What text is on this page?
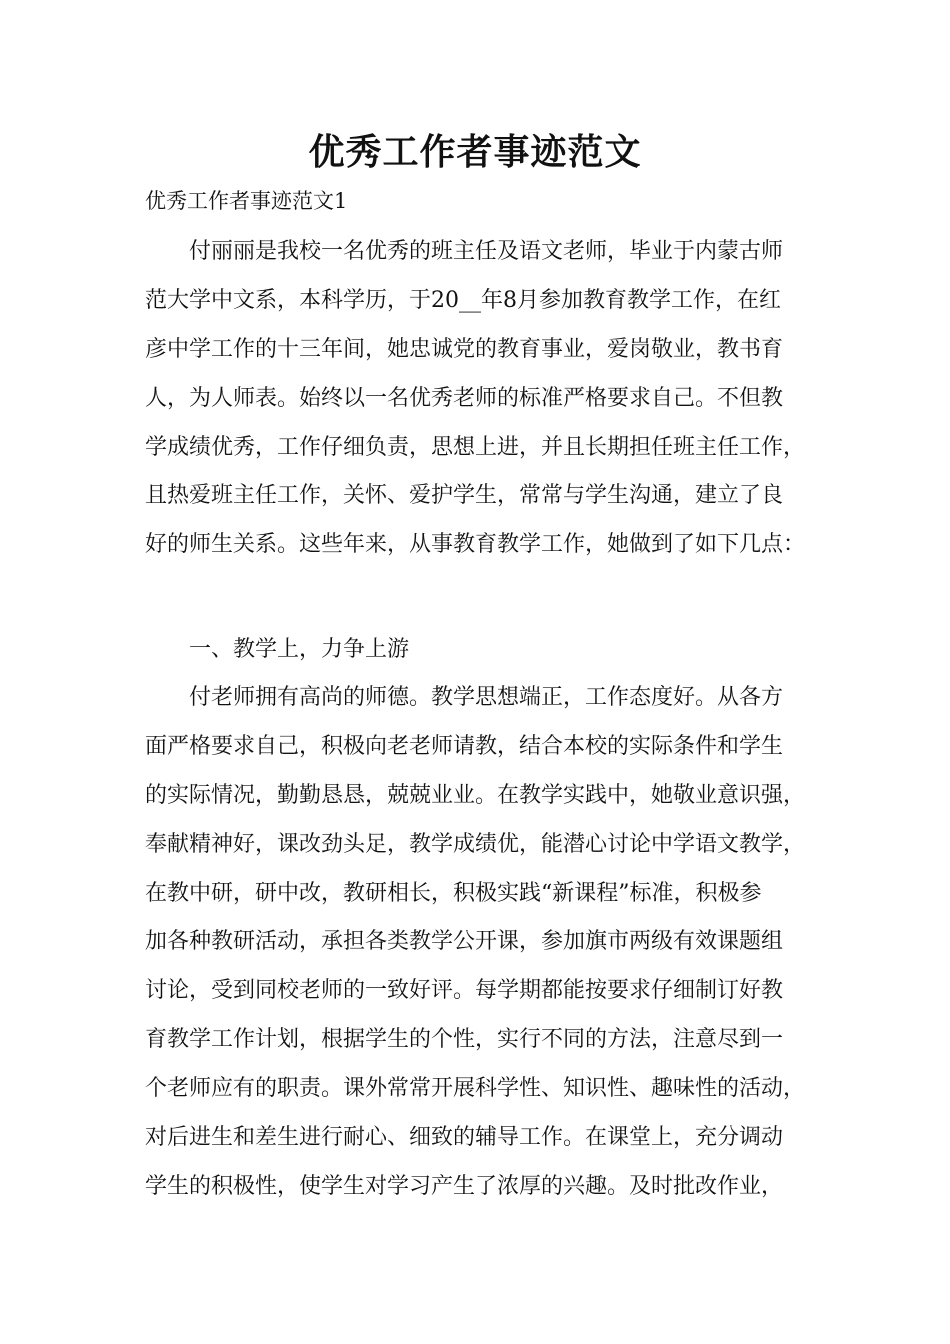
优秀工作者事迹范文
优秀工作者事迹范文1
付丽丽是我校一名优秀的班主任及语文老师，毕业于内蒙古师
范大学中文系，本科学历，于20__年8月参加教育教学工作，在红
彦中学工作的十三年间，她忠诚党的教育事业，爱岗敬业，教书育
人，为人师表。始终以一名优秀老师的标准严格要求自己。不但教
学成绩优秀，工作仔细负责，思想上进，并且长期担任班主任工作，
且热爱班主任工作，关怀、爱护学生，常常与学生沟通，建立了良
好的师生关系。这些年来，从事教育教学工作，她做到了如下几点：
一、教学上，力争上游
付老师拥有高尚的师德。教学思想端正，工作态度好。从各方
面严格要求自己，积极向老老师请教，结合本校的实际条件和学生
的实际情况，勤勤恳恳，兢兢业业。在教学实践中，她敬业意识强，
奉献精神好，课改劲头足，教学成绩优，能潜心讨论中学语文教学，
在教中研，研中改，教研相长，积极实践“新课程”标准，积极参
加各种教研活动，承担各类教学公开课，参加旗市两级有效课题组
讨论，受到同校老师的一致好评。每学期都能按要求仔细制订好教
育教学工作计划，根据学生的个性，实行不同的方法，注意尽到一
个老师应有的职责。课外常常开展科学性、知识性、趣味性的活动，
对后进生和差生进行耐心、细致的辅导工作。在课堂上，充分调动
学生的积极性，使学生对学习产生了浓厚的兴趣。及时批改作业，
